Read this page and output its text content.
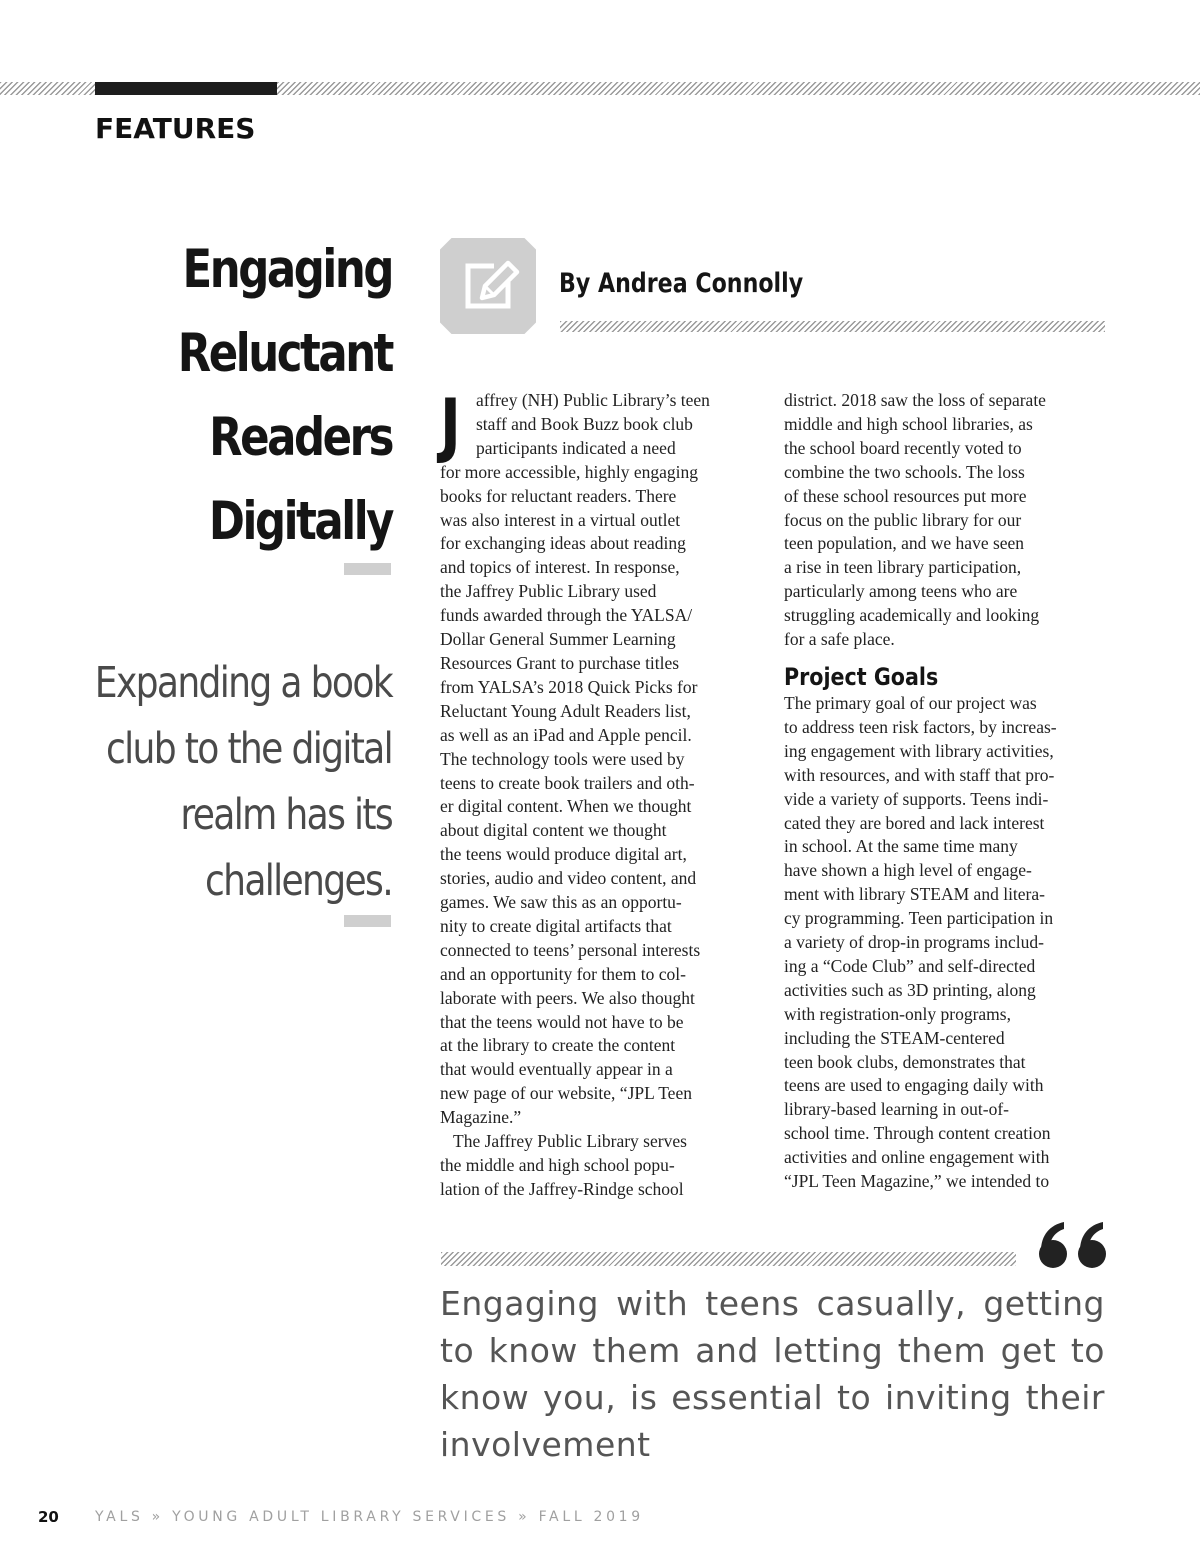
FEATURES
Engaging
Reluctant
Readers
Digitally
Expanding a book
club to the digital
realm has its
challenges.
By Andrea Connolly

J affrey (NH) Public Library’s teen
staff and Book Buzz book club
participants indicated a need
for more accessible, highly engaging
books for reluctant readers. There
was also interest in a virtual outlet
for exchanging ideas about reading
and topics of interest. In response,
the Jaffrey Public Library used
funds awarded through the YALSA/
Dollar General Summer Learning
Resources Grant to purchase titles
from YALSA’s 2018 Quick Picks for
Reluctant Young Adult Readers list,
as well as an iPad and Apple pencil.
The technology tools were used by
teens to create book trailers and oth-
er digital content. When we thought
about digital content we thought
the teens would produce digital art,
stories, audio and video content, and
games. We saw this as an opportu-
nity to create digital artifacts that
connected to teens’ personal interests
and an opportunity for them to col-
laborate with peers. We also thought
that the teens would not have to be
at the library to create the content
that would eventually appear in a
new page of our website, “JPL Teen
Magazine.”

The Jaffrey Public Library serves
the middle and high school popu-
lation of the Jaffrey-Rindge school

district. 2018 saw the loss of separate
middle and high school libraries, as
the school board recently voted to
combine the two schools. The loss
of these school resources put more
focus on the public library for our
teen population, and we have seen
a rise in teen library participation,
particularly among teens who are
struggling academically and looking
for a safe place.

Project Goals

The primary goal of our project was
to address teen risk factors, by increas-
ing engagement with library activities,
with resources, and with staff that pro-
vide a variety of supports. Teens indi-
cated they are bored and lack interest
in school. At the same time many
have shown a high level of engage-
ment with library STEAM and litera-
cy programming. Teen participation in
a variety of drop-in programs includ-
ing a “Code Club” and self-directed
activities such as 3D printing, along
with registration-only programs,
including the STEAM-centered
teen book clubs, demonstrates that
teens are used to engaging daily with
library-based learning in out-of-
school time. Through content creation
activities and online engagement with
“JPL Teen Magazine,” we intended to

Engaging with teens casually, getting to know them and letting them get to know you, is essential to inviting their involvement
20	YALS » YOUNG ADULT LIBRARY SERVICES » FALL 2019
